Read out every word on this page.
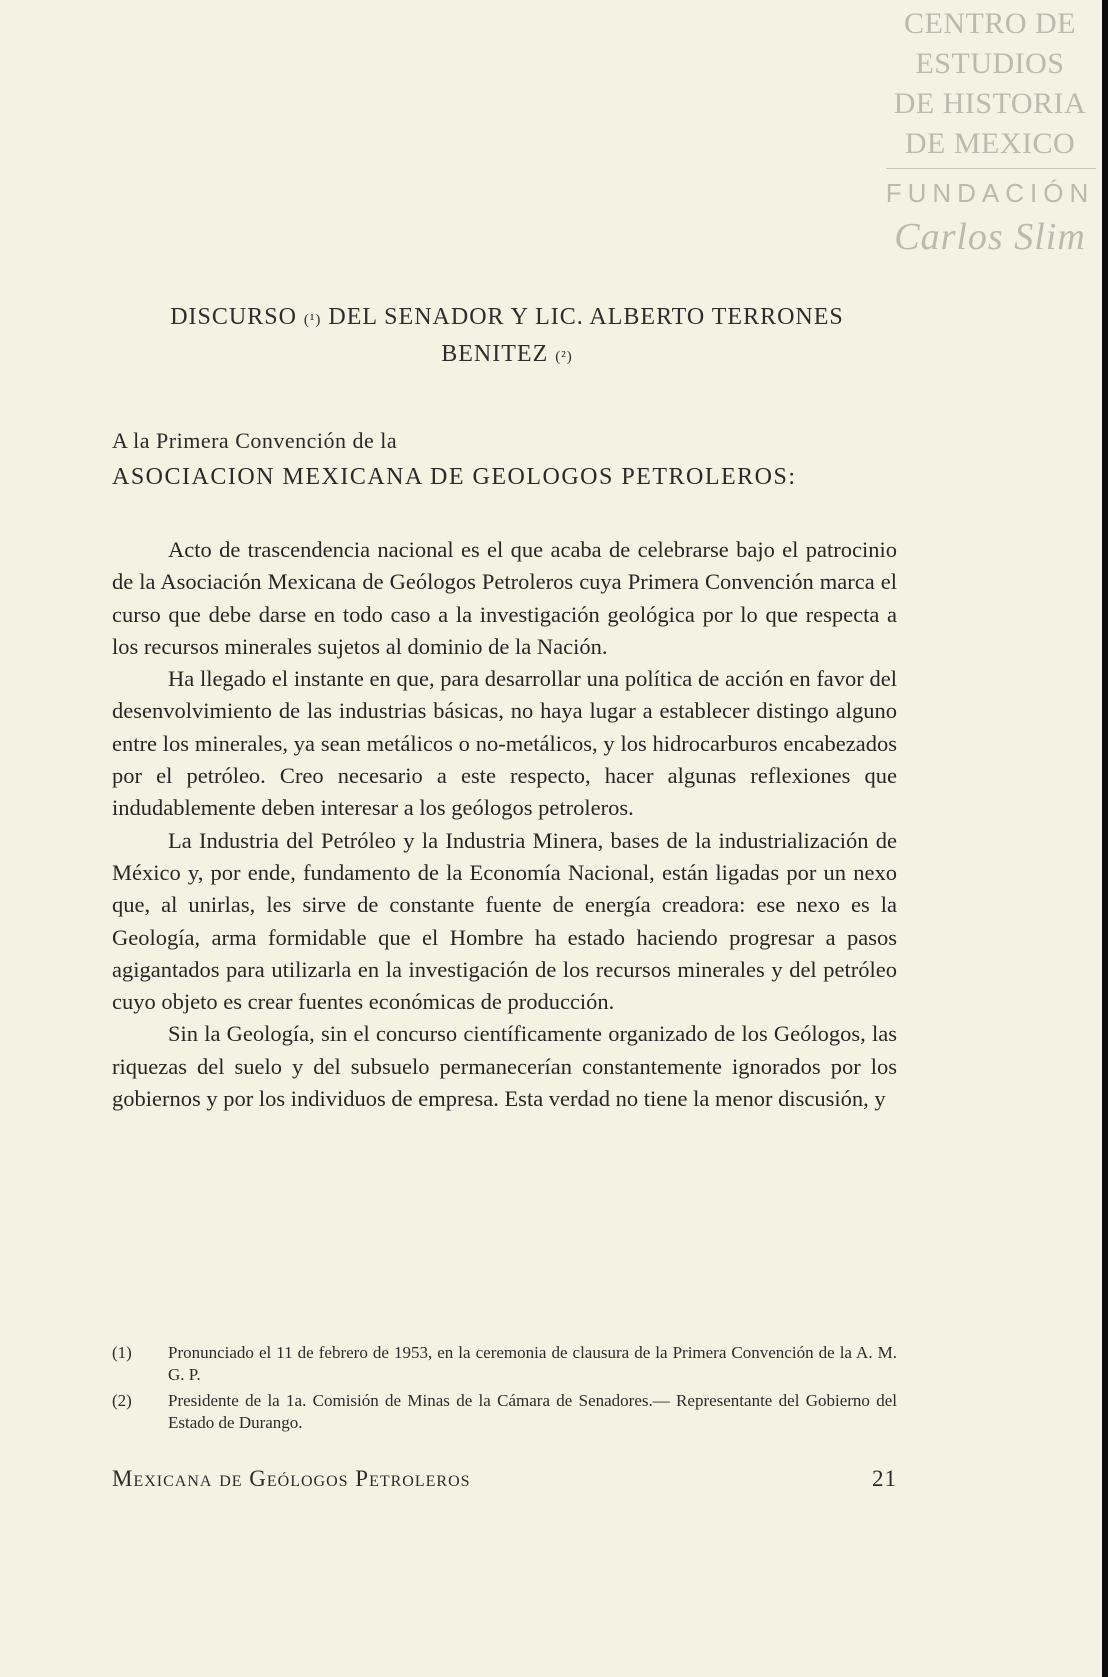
CENTRO DE
ESTUDIOS
DE HISTORIA
DE MEXICO
FUNDACIÓN
Carlos Slim
DISCURSO (¹) DEL SENADOR Y LIC. ALBERTO TERRONES
BENITEZ (²)
A la Primera Convención de la
ASOCIACION MEXICANA DE GEOLOGOS PETROLEROS:

Acto de trascendencia nacional es el que acaba de celebrarse bajo el patrocinio de la Asociación Mexicana de Geólogos Petroleros cuya Primera Convención marca el curso que debe darse en todo caso a la investigación geológica por lo que respecta a los recursos minerales sujetos al dominio de la Nación.

Ha llegado el instante en que, para desarrollar una política de acción en favor del desenvolvimiento de las industrias básicas, no haya lugar a establecer distingo alguno entre los minerales, ya sean metálicos o no-metálicos, y los hidrocarburos encabezados por el petróleo. Creo necesario a este respecto, hacer algunas reflexiones que indudablemente deben interesar a los geólogos petroleros.

La Industria del Petróleo y la Industria Minera, bases de la industrialización de México y, por ende, fundamento de la Economía Nacional, están ligadas por un nexo que, al unirlas, les sirve de constante fuente de energía creadora: ese nexo es la Geología, arma formidable que el Hombre ha estado haciendo progresar a pasos agigantados para utilizarla en la investigación de los recursos minerales y del petróleo cuyo objeto es crear fuentes económicas de producción.

Sin la Geología, sin el concurso científicamente organizado de los Geólogos, las riquezas del suelo y del subsuelo permanecerían constantemente ignorados por los gobiernos y por los individuos de empresa. Esta verdad no tiene la menor discusión, y

(1)	Pronunciado el 11 de febrero de 1953, en la ceremonia de clausura de la Primera Convención de la A. M. G. P.
(2)	Presidente de la 1a. Comisión de Minas de la Cámara de Senadores.— Representante del Gobierno del Estado de Durango.
Mexicana de Geólogos Petroleros	21
